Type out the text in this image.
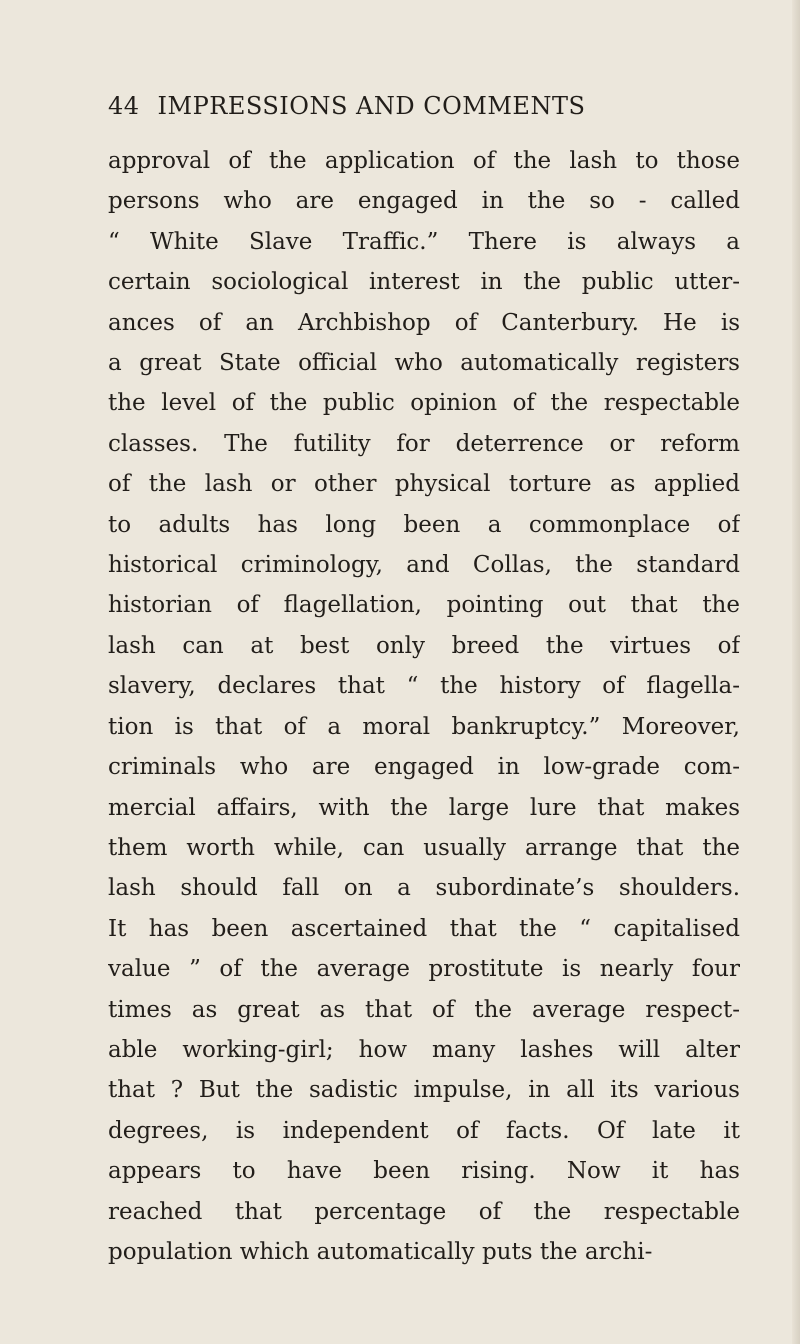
44 IMPRESSIONS AND COMMENTS
approval of the application of the lash to those
persons who are engaged in the so - called
“ White Slave Traffic.” There is always a
certain sociological interest in the public utter-
ances of an Archbishop of Canterbury. He is
a great State official who automatically registers
the level of the public opinion of the respectable
classes. The futility for deterrence or reform
of the lash or other physical torture as applied
to adults has long been a commonplace of
historical criminology, and Collas, the standard
historian of flagellation, pointing out that the
lash can at best only breed the virtues of
slavery, declares that “ the history of flagella-
tion is that of a moral bankruptcy.” Moreover,
criminals who are engaged in low-grade com-
mercial affairs, with the large lure that makes
them worth while, can usually arrange that the
lash should fall on a subordinate’s shoulders.
It has been ascertained that the “ capitalised
value ” of the average prostitute is nearly four
times as great as that of the average respect-
able working-girl; how many lashes will alter
that ? But the sadistic impulse, in all its various
degrees, is independent of facts. Of late it
appears to have been rising. Now it has
reached that percentage of the respectable
population which automatically puts the archi-
